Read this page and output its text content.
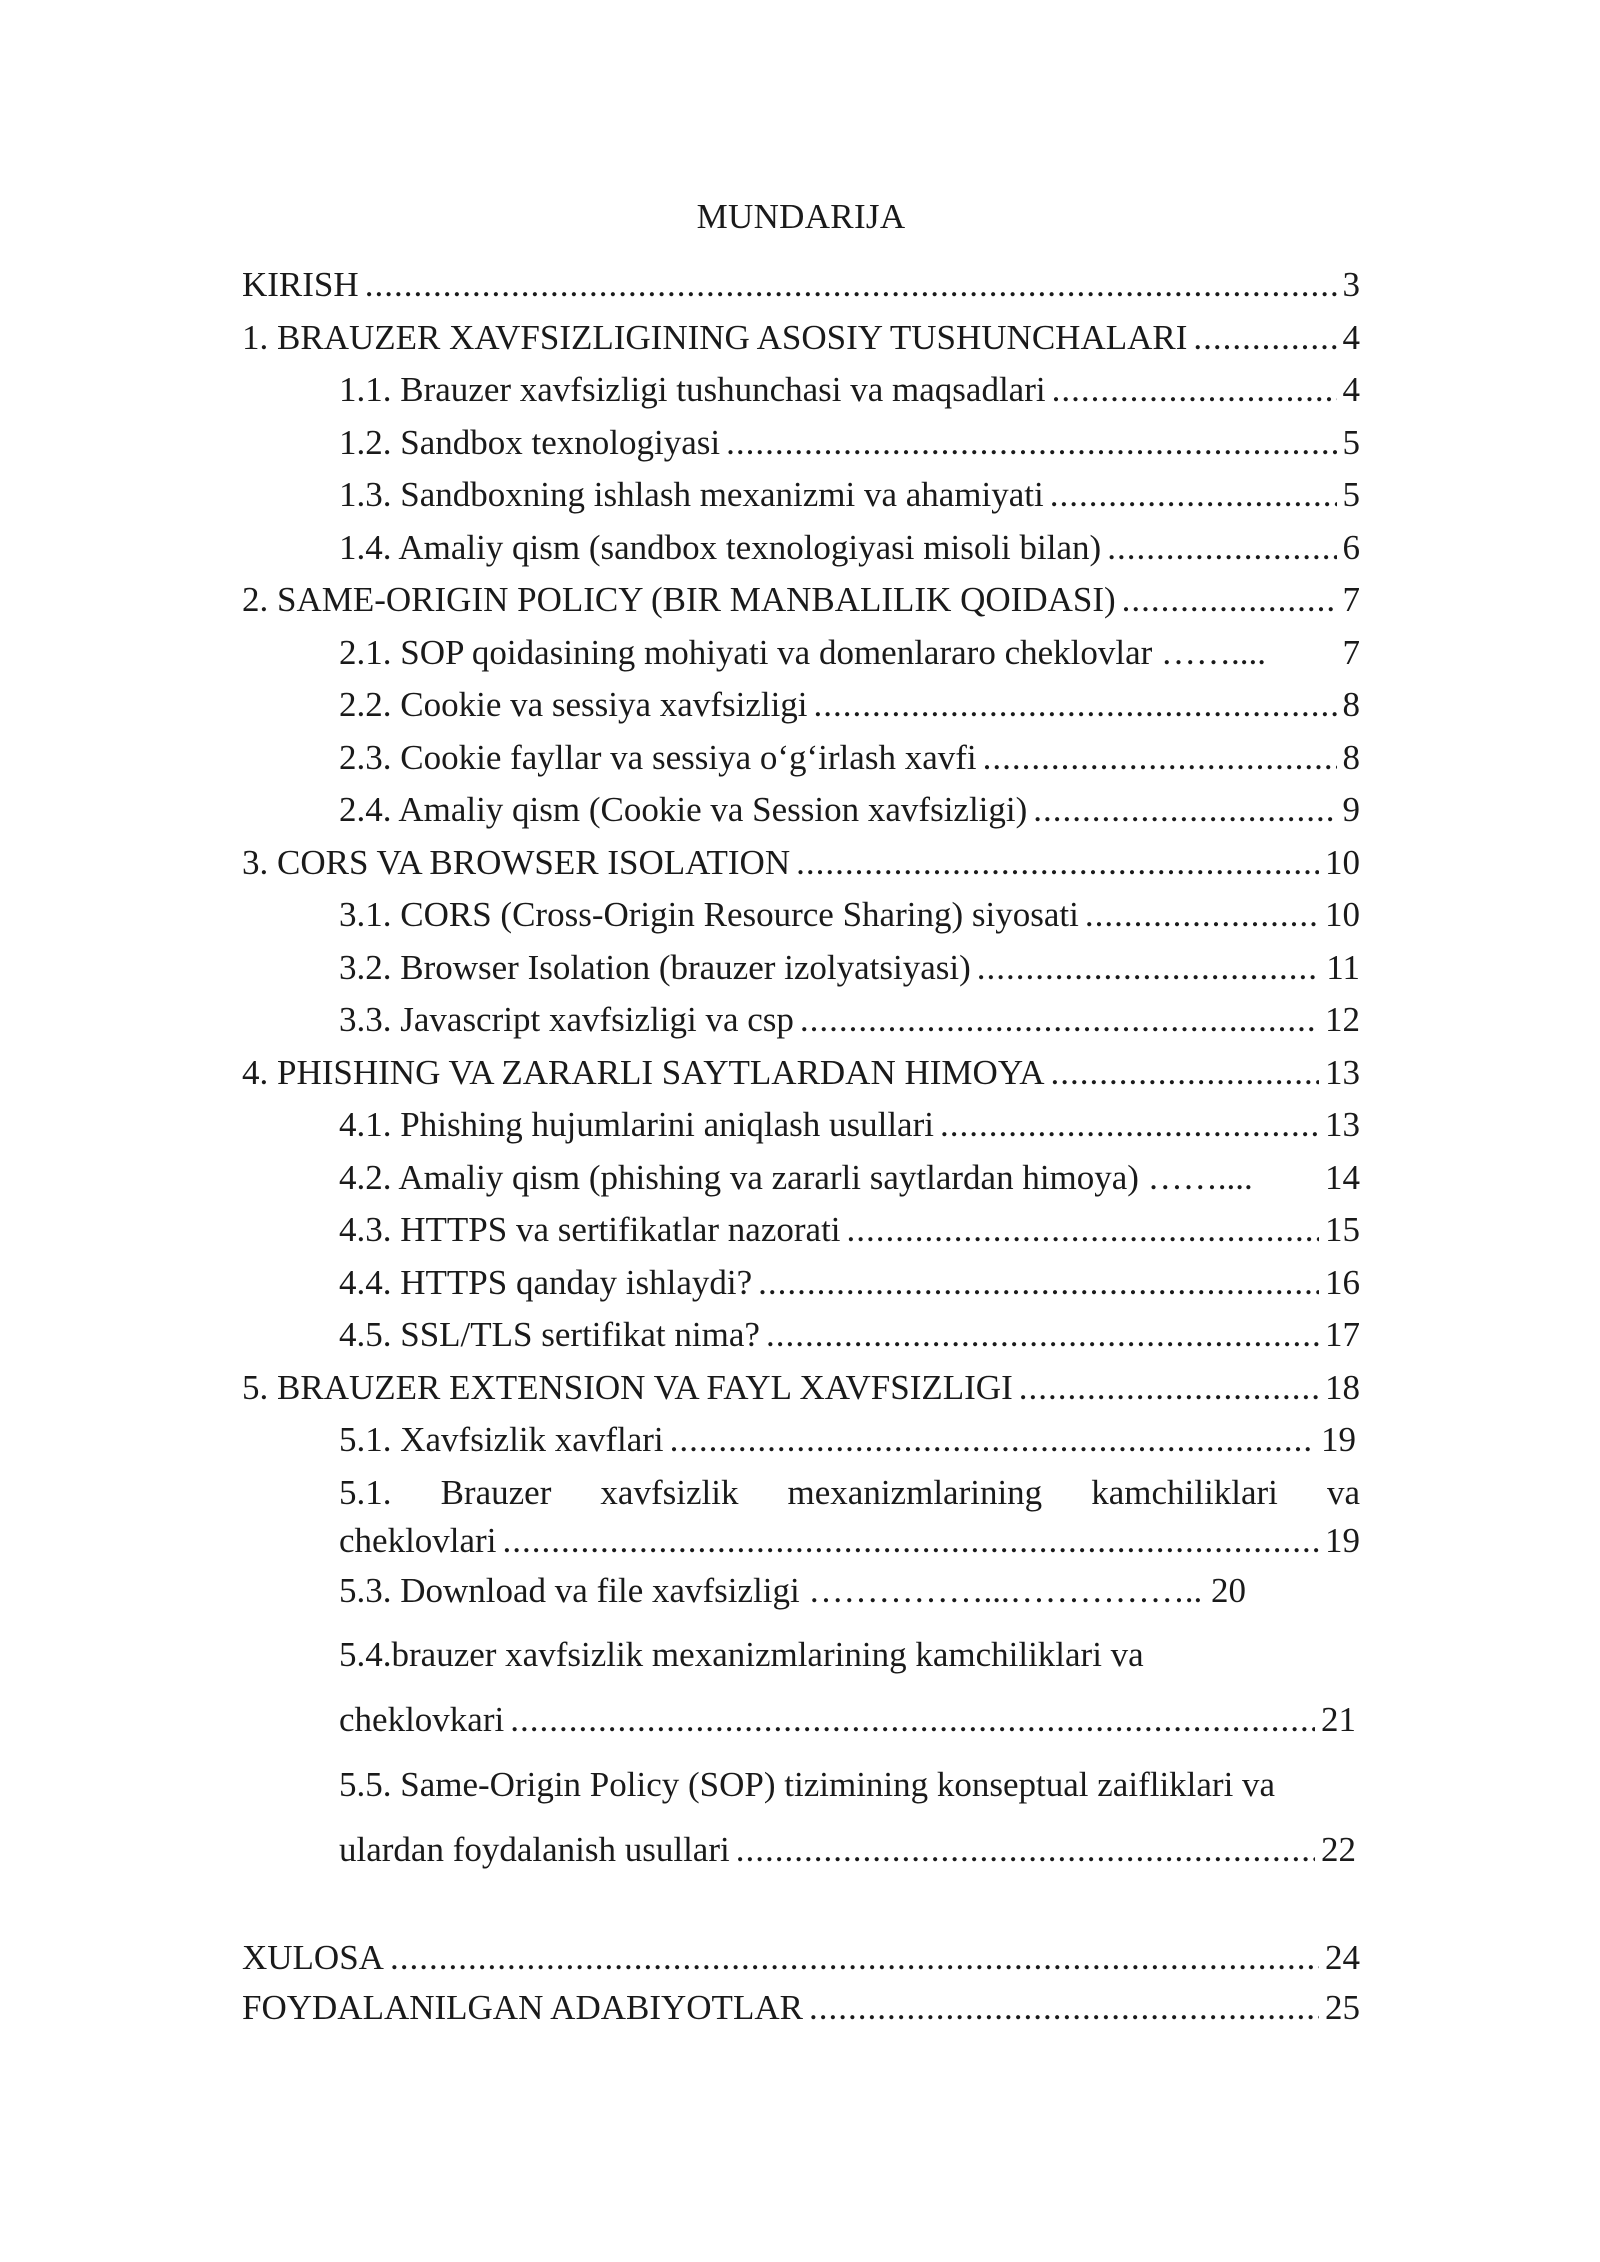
MUNDARIJA
KIRISH .....	3
1. BRAUZER XAVFSIZLIGINING ASOSIY TUSHUNCHALARI .....	4
1.1. Brauzer xavfsizligi tushunchasi va maqsadlari .....	4
1.2. Sandbox texnologiyasi .....	5
1.3. Sandboxning ishlash mexanizmi va ahamiyati .....	5
1.4. Amaliy qism (sandbox texnologiyasi misoli bilan) .....	6
2. SAME-ORIGIN POLICY (BIR MANBALILIK QOIDASI) .....	7
2.1. SOP qoidasining mohiyati va domenlararo cheklovlar …….... 7
2.2. Cookie va sessiya xavfsizligi .....	8
2.3. Cookie fayllar va sessiya o‘g‘irlash xavfi .....	8
2.4. Amaliy qism (Cookie va Session xavfsizligi) .....	9
3. CORS VA BROWSER ISOLATION .....	10
3.1. CORS (Cross-Origin Resource Sharing) siyosati .....	10
3.2. Browser Isolation (brauzer izolyatsiyasi) .....	11
3.3. Javascript xavfsizligi va csp .....	12
4. PHISHING VA ZARARLI SAYTLARDAN HIMOYA .....	13
4.1. Phishing hujumlarini aniqlash usullari .....	13
4.2. Amaliy qism (phishing va zararli saytlardan himoya) …….... 14
4.3. HTTPS va sertifikatlar nazorati .....	15
4.4. HTTPS qanday ishlaydi? .....	16
4.5. SSL/TLS sertifikat nima? .....	17
5. BRAUZER EXTENSION VA FAYL XAVFSIZLIGI .....	18
5.1. Xavfsizlik xavflari .....	19
5.1. Brauzer xavfsizlik mexanizmlarining kamchiliklari va
cheklovlari .....	19
5.3. Download va file xavfsizligi ……………...…………….. 20
5.4.brauzer xavfsizlik mexanizmlarining kamchiliklari va
cheklovkari .....	21
5.5. Same-Origin Policy (SOP) tizimining konseptual zaifliklari va
ulardan foydalanish usullari .....	22
XULOSA .....	24
FOYDALANILGAN ADABIYOTLAR .....	25
